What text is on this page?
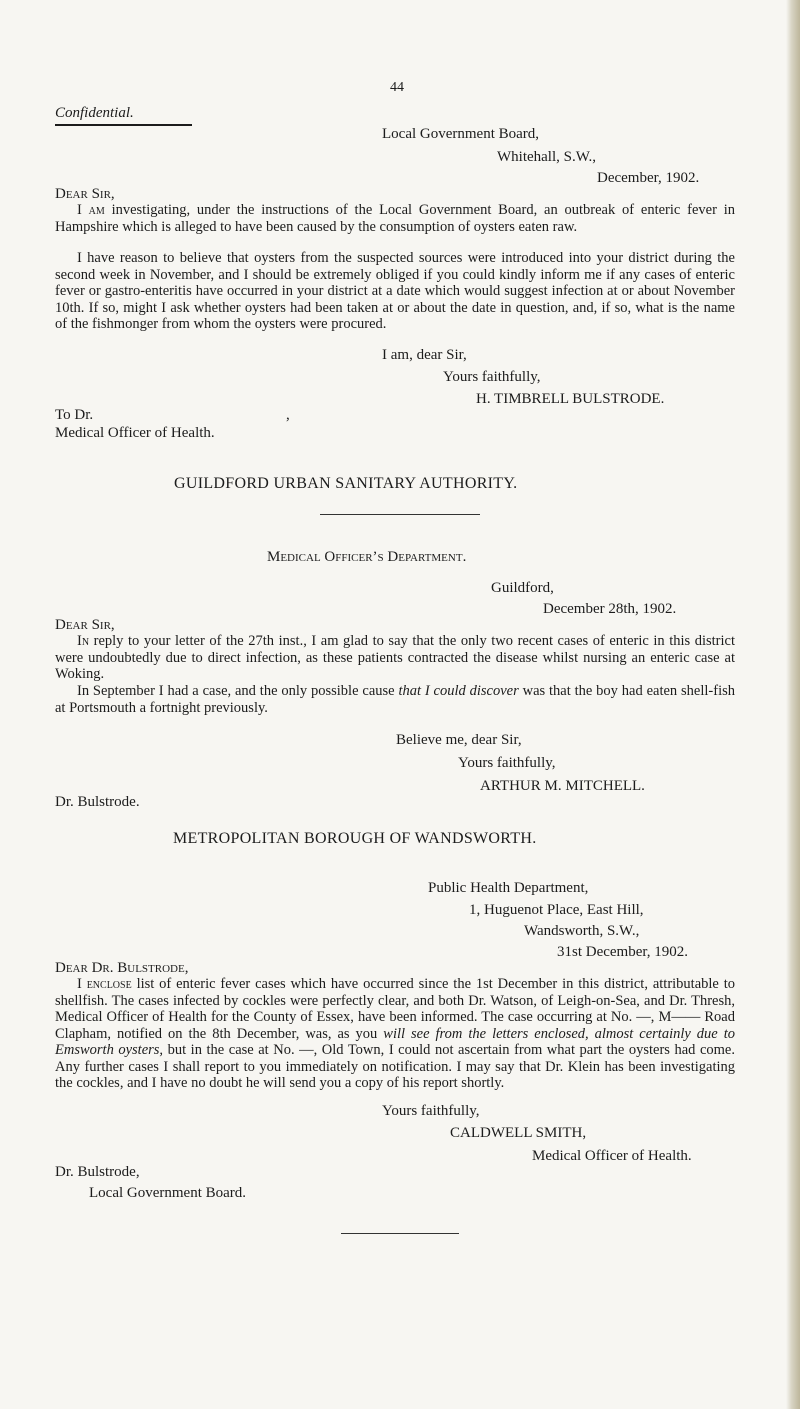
44
Confidential.
Local Government Board,
Whitehall, S.W.,
December, 1902.
Dear Sir,

I am investigating, under the instructions of the Local Government Board, an outbreak of enteric fever in Hampshire which is alleged to have been caused by the consumption of oysters eaten raw.

I have reason to believe that oysters from the suspected sources were introduced into your district during the second week in November, and I should be extremely obliged if you could kindly inform me if any cases of enteric fever or gastro-enteritis have occurred in your district at a date which would suggest infection at or about November 10th. If so, might I ask whether oysters had been taken at or about the date in question, and, if so, what is the name of the fishmonger from whom the oysters were procured.

I am, dear Sir,
Yours faithfully,
H. TIMBRELL BULSTRODE.
To Dr.	,
Medical Officer of Health.
GUILDFORD URBAN SANITARY AUTHORITY.
Medical Officer’s Department.
Guildford,
December 28th, 1902.
Dear Sir,

In reply to your letter of the 27th inst., I am glad to say that the only two recent cases of enteric in this district were undoubtedly due to direct infection, as these patients contracted the disease whilst nursing an enteric case at Woking.

In September I had a case, and the only possible cause that I could discover was that the boy had eaten shell-fish at Portsmouth a fortnight previously.

Believe me, dear Sir,
Yours faithfully,
ARTHUR M. MITCHELL.
Dr. Bulstrode.
METROPOLITAN BOROUGH OF WANDSWORTH.
Public Health Department,
1, Huguenot Place, East Hill,
Wandsworth, S.W.,
31st December, 1902.
Dear Dr. Bulstrode,

I enclose list of enteric fever cases which have occurred since the 1st December in this district, attributable to shellfish. The cases infected by cockles were perfectly clear, and both Dr. Watson, of Leigh-on-Sea, and Dr. Thresh, Medical Officer of Health for the County of Essex, have been informed. The case occurring at No. —, M—— Road Clapham, notified on the 8th December, was, as you will see from the letters enclosed, almost certainly due to Emsworth oysters, but in the case at No. —, Old Town, I could not ascertain from what part the oysters had come. Any further cases I shall report to you immediately on notification. I may say that Dr. Klein has been investigating the cockles, and I have no doubt he will send you a copy of his report shortly.

Yours faithfully,
CALDWELL SMITH,
Medical Officer of Health.
Dr. Bulstrode,
Local Government Board.
